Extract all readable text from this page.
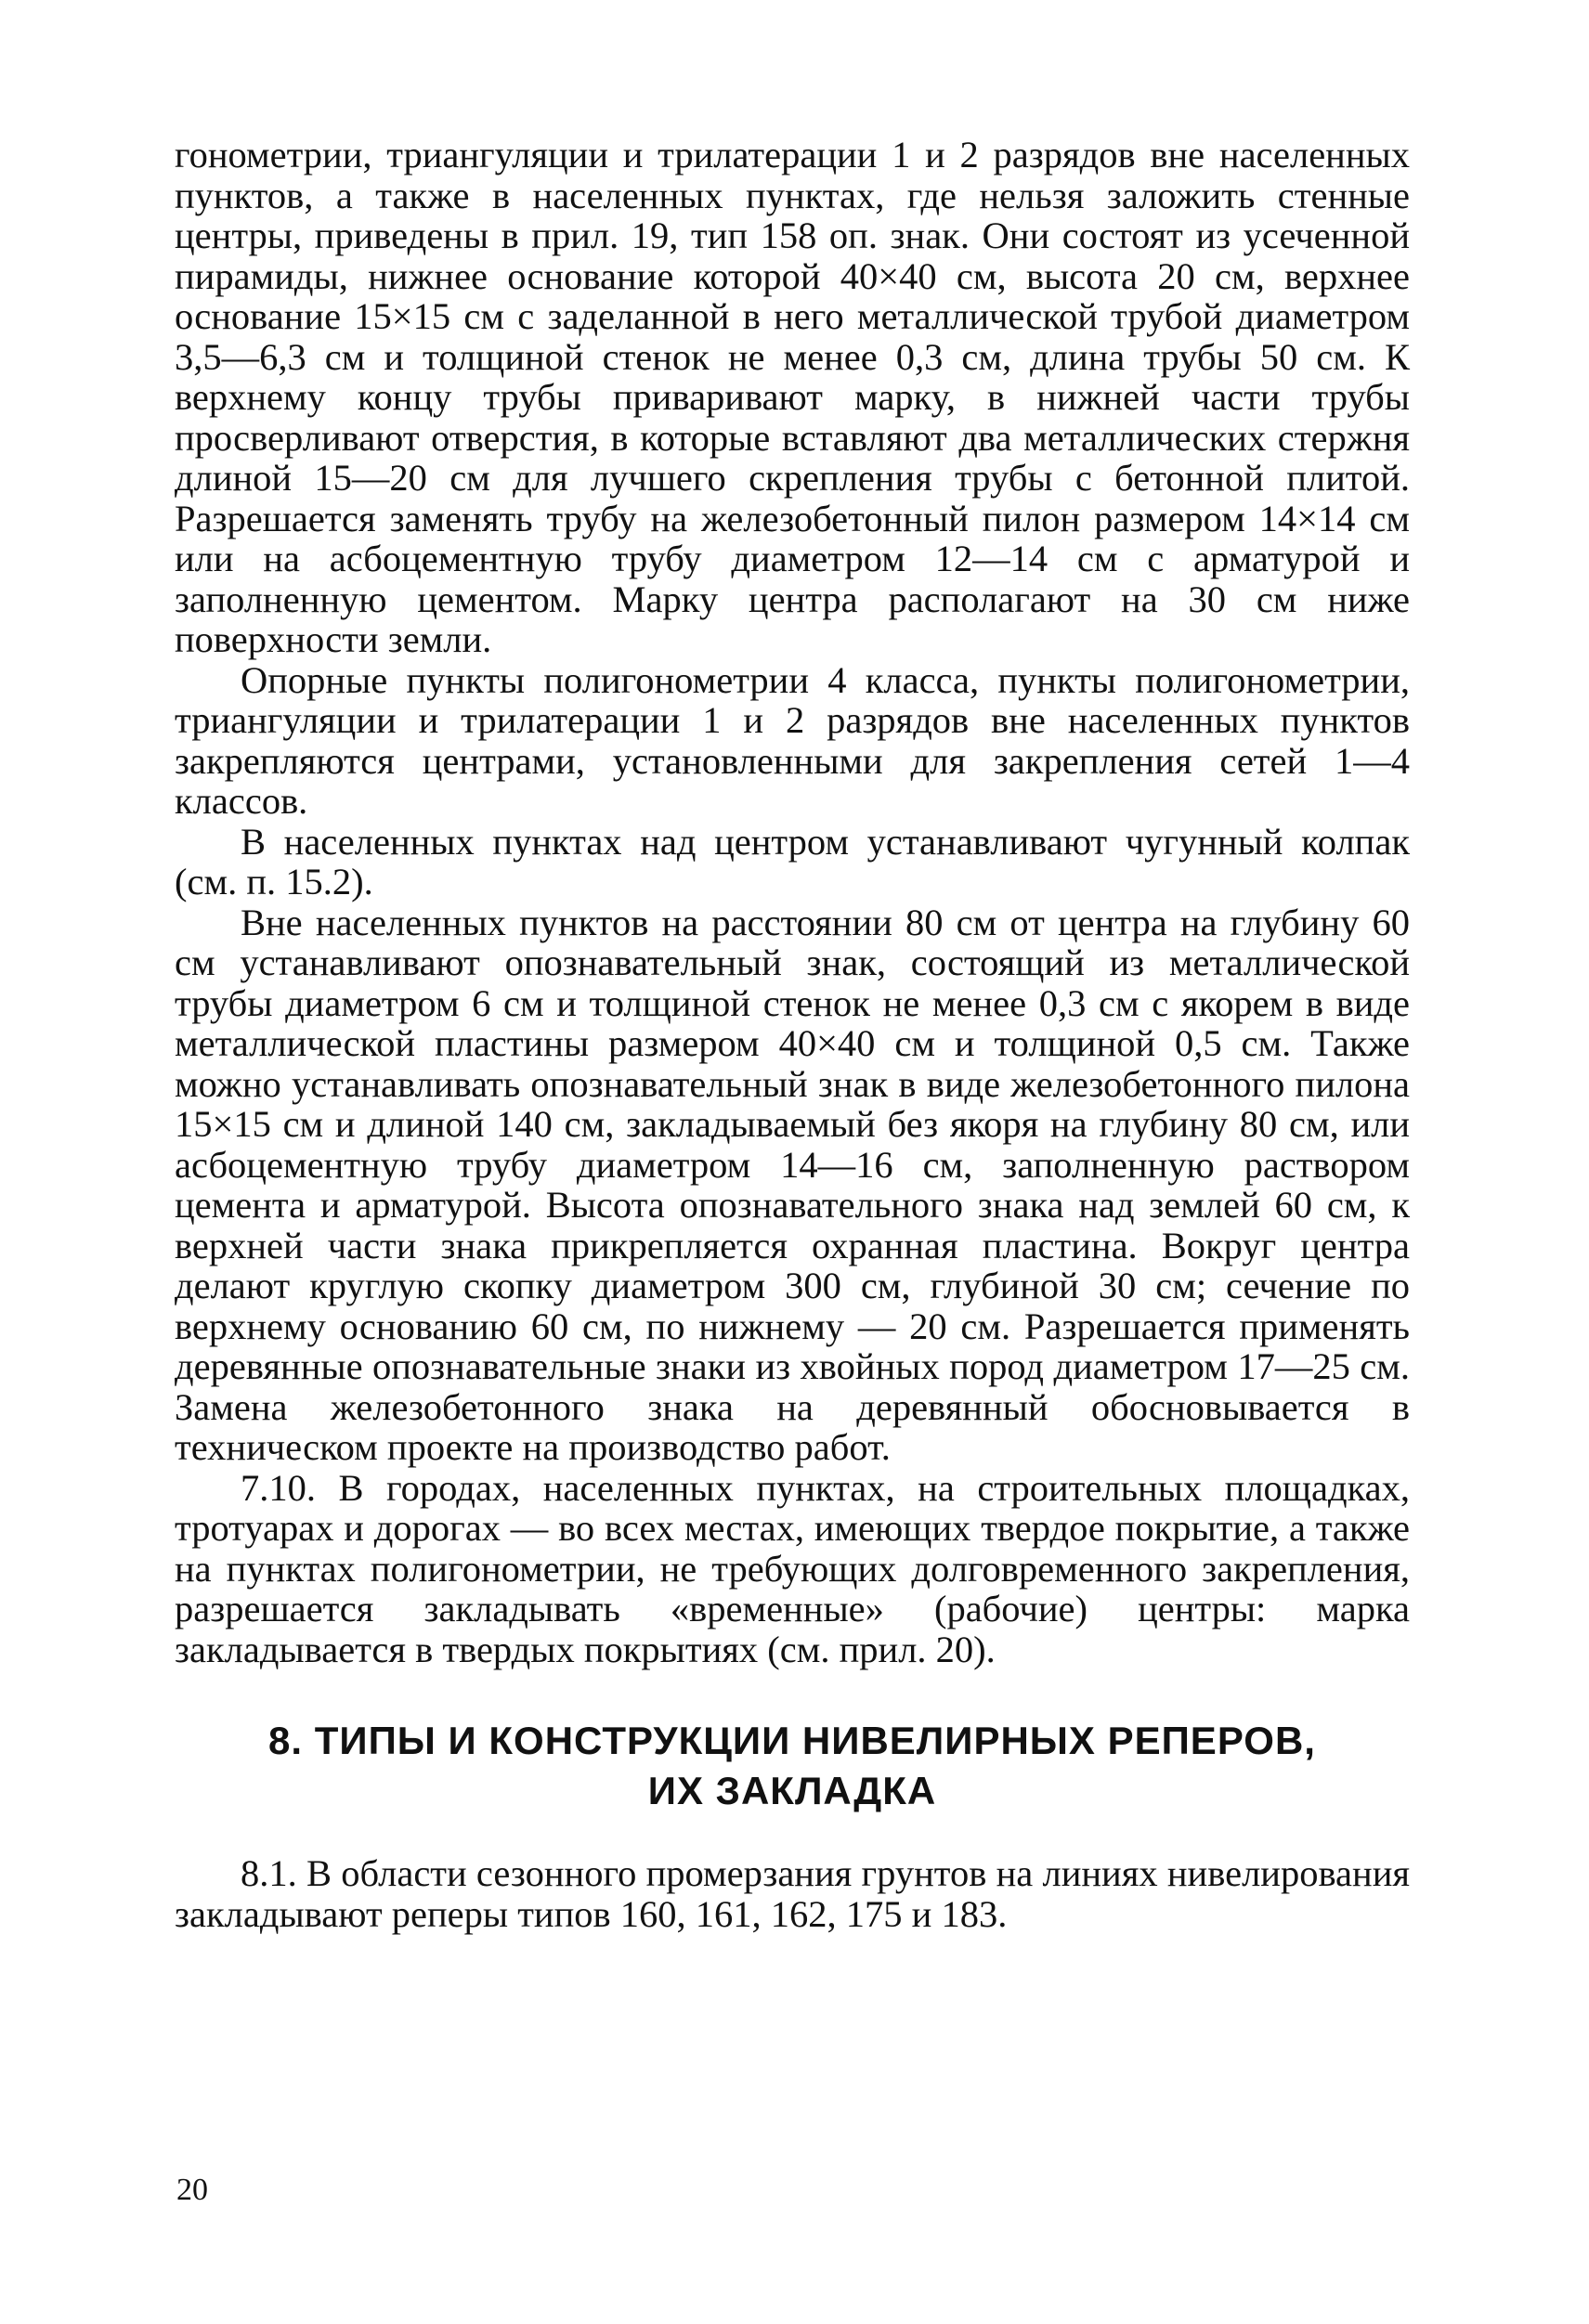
гонометрии, триангуляции и трилатерации 1 и 2 разрядов вне населенных пунктов, а также в населенных пунктах, где нельзя заложить стенные центры, приведены в прил. 19, тип 158 оп. знак. Они состоят из усеченной пирамиды, нижнее основание которой 40×40 см, высота 20 см, верхнее основание 15×15 см с заделанной в него металлической трубой диаметром 3,5—6,3 см и толщиной стенок не менее 0,3 см, длина трубы 50 см. К верхнему концу трубы приваривают марку, в нижней части трубы просверливают отверстия, в которые вставляют два металлических стержня длиной 15—20 см для лучшего скрепления трубы с бетонной плитой. Разрешается заменять трубу на железобетонный пилон размером 14×14 см или на асбоцементную трубу диаметром 12—14 см с арматурой и заполненную цементом. Марку центра располагают на 30 см ниже поверхности земли.

Опорные пункты полигонометрии 4 класса, пункты полигонометрии, триангуляции и трилатерации 1 и 2 разрядов вне населенных пунктов закрепляются центрами, установленными для закрепления сетей 1—4 классов.

В населенных пунктах над центром устанавливают чугунный колпак (см. п. 15.2).

Вне населенных пунктов на расстоянии 80 см от центра на глубину 60 см устанавливают опознавательный знак, состоящий из металлической трубы диаметром 6 см и толщиной стенок не менее 0,3 см с якорем в виде металлической пластины размером 40×40 см и толщиной 0,5 см. Также можно устанавливать опознавательный знак в виде железобетонного пилона 15×15 см и длиной 140 см, закладываемый без якоря на глубину 80 см, или асбоцементную трубу диаметром 14—16 см, заполненную раствором цемента и арматурой. Высота опознавательного знака над землей 60 см, к верхней части знака прикрепляется охранная пластина. Вокруг центра делают круглую скопку диаметром 300 см, глубиной 30 см; сечение по верхнему основанию 60 см, по нижнему — 20 см. Разрешается применять деревянные опознавательные знаки из хвойных пород диаметром 17—25 см. Замена железобетонного знака на деревянный обосновывается в техническом проекте на производство работ.

7.10. В городах, населенных пунктах, на строительных площадках, тротуарах и дорогах — во всех местах, имеющих твердое покрытие, а также на пунктах полигонометрии, не требующих долговременного закрепления, разрешается закладывать «временные» (рабочие) центры: марка закладывается в твердых покрытиях (см. прил. 20).

8. ТИПЫ И КОНСТРУКЦИИ НИВЕЛИРНЫХ РЕПЕРОВ,
ИХ ЗАКЛАДКА

8.1. В области сезонного промерзания грунтов на линиях нивелирования закладывают реперы типов 160, 161, 162, 175 и 183.

20
